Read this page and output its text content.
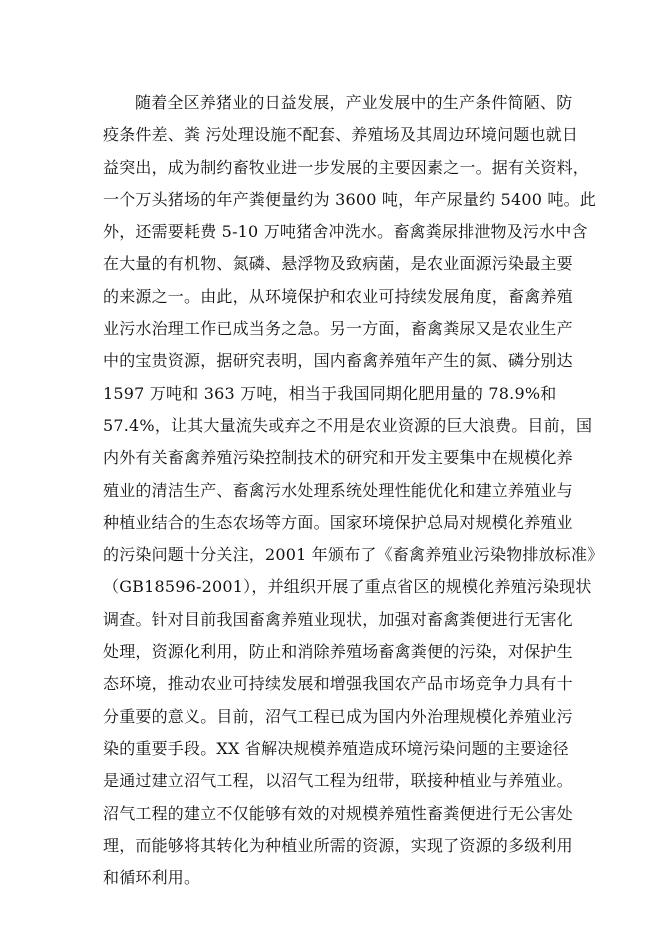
随着全区养猪业的日益发展，产业发展中的生产条件简陋、防
疫条件差、粪 污处理设施不配套、养殖场及其周边环境问题也就日
益突出，成为制约畜牧业进一步发展的主要因素之一。据有关资料，
一个万头猪场的年产粪便量约为 3600 吨，年产尿量约 5400 吨。此
外，还需要耗费 5-10 万吨猪舍冲洗水。畜禽粪尿排泄物及污水中含
在大量的有机物、氮磷、悬浮物及致病菌，是农业面源污染最主要
的来源之一。由此，从环境保护和农业可持续发展角度，畜禽养殖
业污水治理工作已成当务之急。另一方面，畜禽粪尿又是农业生产
中的宝贵资源，据研究表明，国内畜禽养殖年产生的氮、磷分别达
1597 万吨和 363 万吨，相当于我国同期化肥用量的 78.9%和
57.4%，让其大量流失或弃之不用是农业资源的巨大浪费。目前，国
内外有关畜禽养殖污染控制技术的研究和开发主要集中在规模化养
殖业的清洁生产、畜禽污水处理系统处理性能优化和建立养殖业与
种植业结合的生态农场等方面。国家环境保护总局对规模化养殖业
的污染问题十分关注，2001 年颁布了《畜禽养殖业污染物排放标准》
（GB18596-2001），并组织开展了重点省区的规模化养殖污染现状
调查。针对目前我国畜禽养殖业现状，加强对畜禽粪便进行无害化
处理，资源化利用，防止和消除养殖场畜禽粪便的污染，对保护生
态环境，推动农业可持续发展和增强我国农产品市场竞争力具有十
分重要的意义。目前，沼气工程已成为国内外治理规模化养殖业污
染的重要手段。XX 省解决规模养殖造成环境污染问题的主要途径
是通过建立沼气工程，以沼气工程为纽带，联接种植业与养殖业。
沼气工程的建立不仅能够有效的对规模养殖性畜粪便进行无公害处
理，而能够将其转化为种植业所需的资源，实现了资源的多级利用
和循环利用。
